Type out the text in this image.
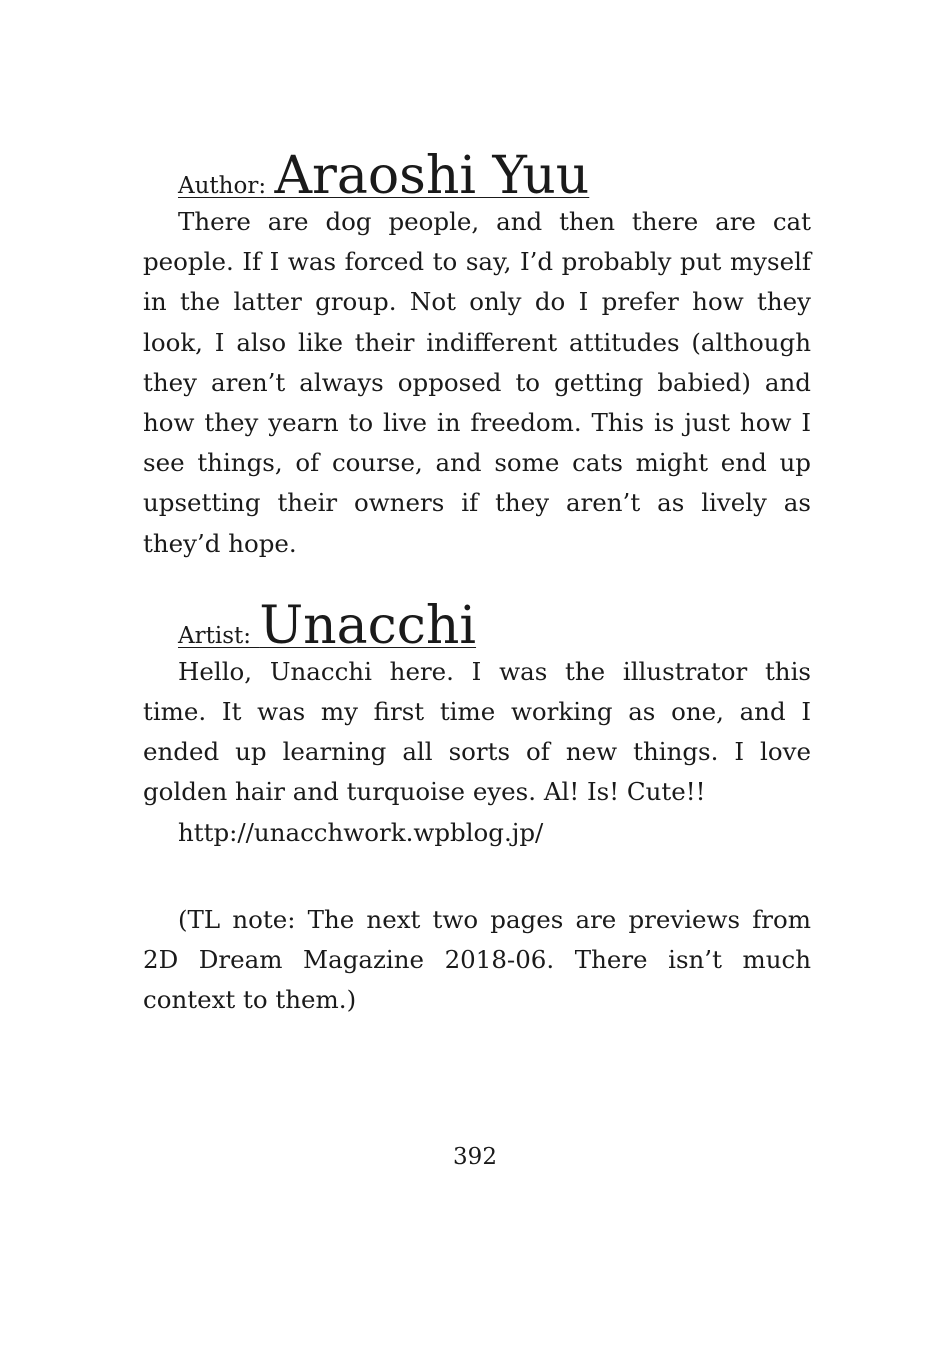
Author: Araoshi Yuu

There are dog people, and then there are cat people. If I was forced to say, I’d probably put myself in the latter group. Not only do I prefer how they look, I also like their indifferent attitudes (although they aren’t always opposed to getting babied) and how they yearn to live in freedom. This is just how I see things, of course, and some cats might end up upsetting their owners if they aren’t as lively as they’d hope.

Artist: Unacchi

Hello, Unacchi here. I was the illustrator this time. It was my first time working as one, and I ended up learning all sorts of new things. I love golden hair and turquoise eyes. Al! Is! Cute!!

http://unacchwork.wpblog.jp/

(TL note: The next two pages are previews from 2D Dream Magazine 2018-06. There isn’t much context to them.)

392
